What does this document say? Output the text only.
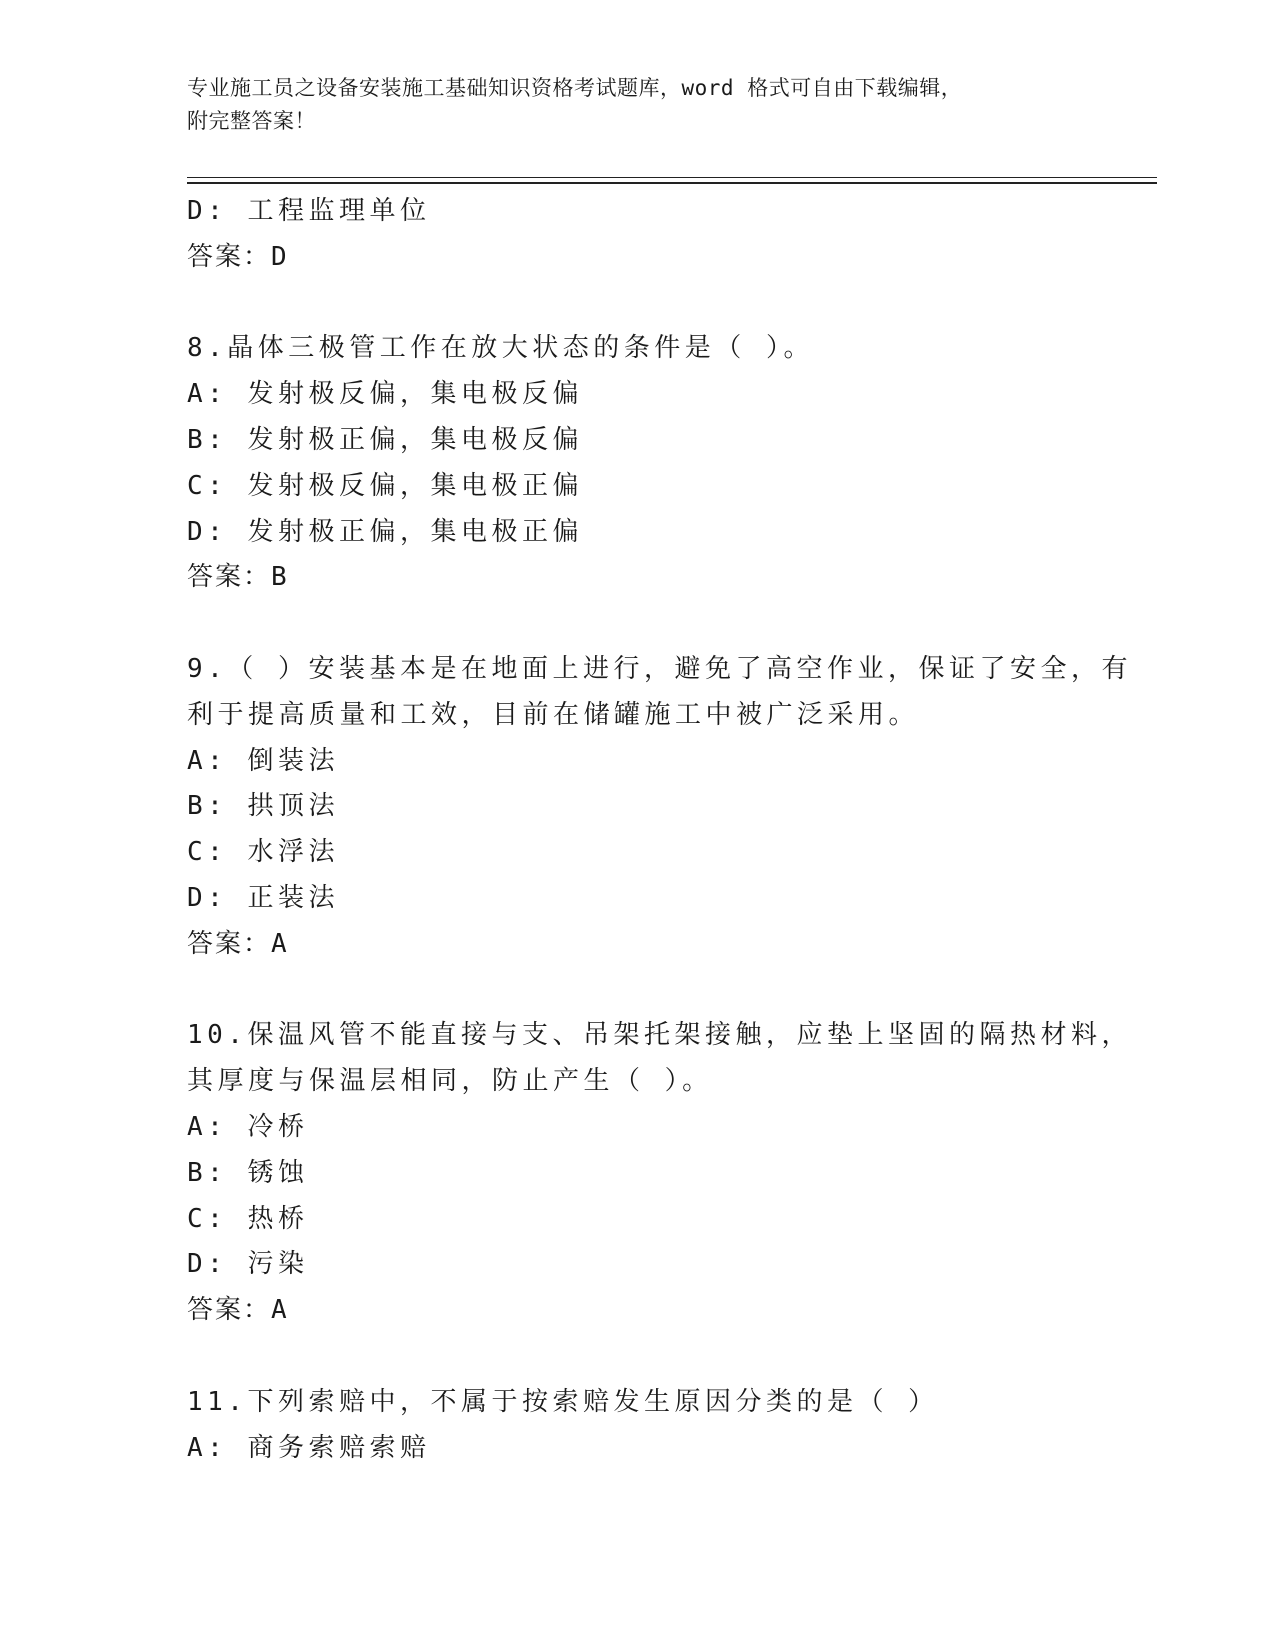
专业施工员之设备安装施工基础知识资格考试题库，word 格式可自由下载编辑，
附完整答案！
D: 工程监理单位
答案：D
8.晶体三极管工作在放大状态的条件是（ ）。
A: 发射极反偏，集电极反偏
B: 发射极正偏，集电极反偏
C: 发射极反偏，集电极正偏
D: 发射极正偏，集电极正偏
答案：B
9.（ ）安装基本是在地面上进行，避免了高空作业，保证了安全，有
利于提高质量和工效，目前在储罐施工中被广泛采用。
A: 倒装法
B: 拱顶法
C: 水浮法
D: 正装法
答案：A
10.保温风管不能直接与支、吊架托架接触，应垫上坚固的隔热材料，
其厚度与保温层相同，防止产生（ ）。
A: 冷桥
B: 锈蚀
C: 热桥
D: 污染
答案：A
11.下列索赔中，不属于按索赔发生原因分类的是（ ）
A: 商务索赔索赔
